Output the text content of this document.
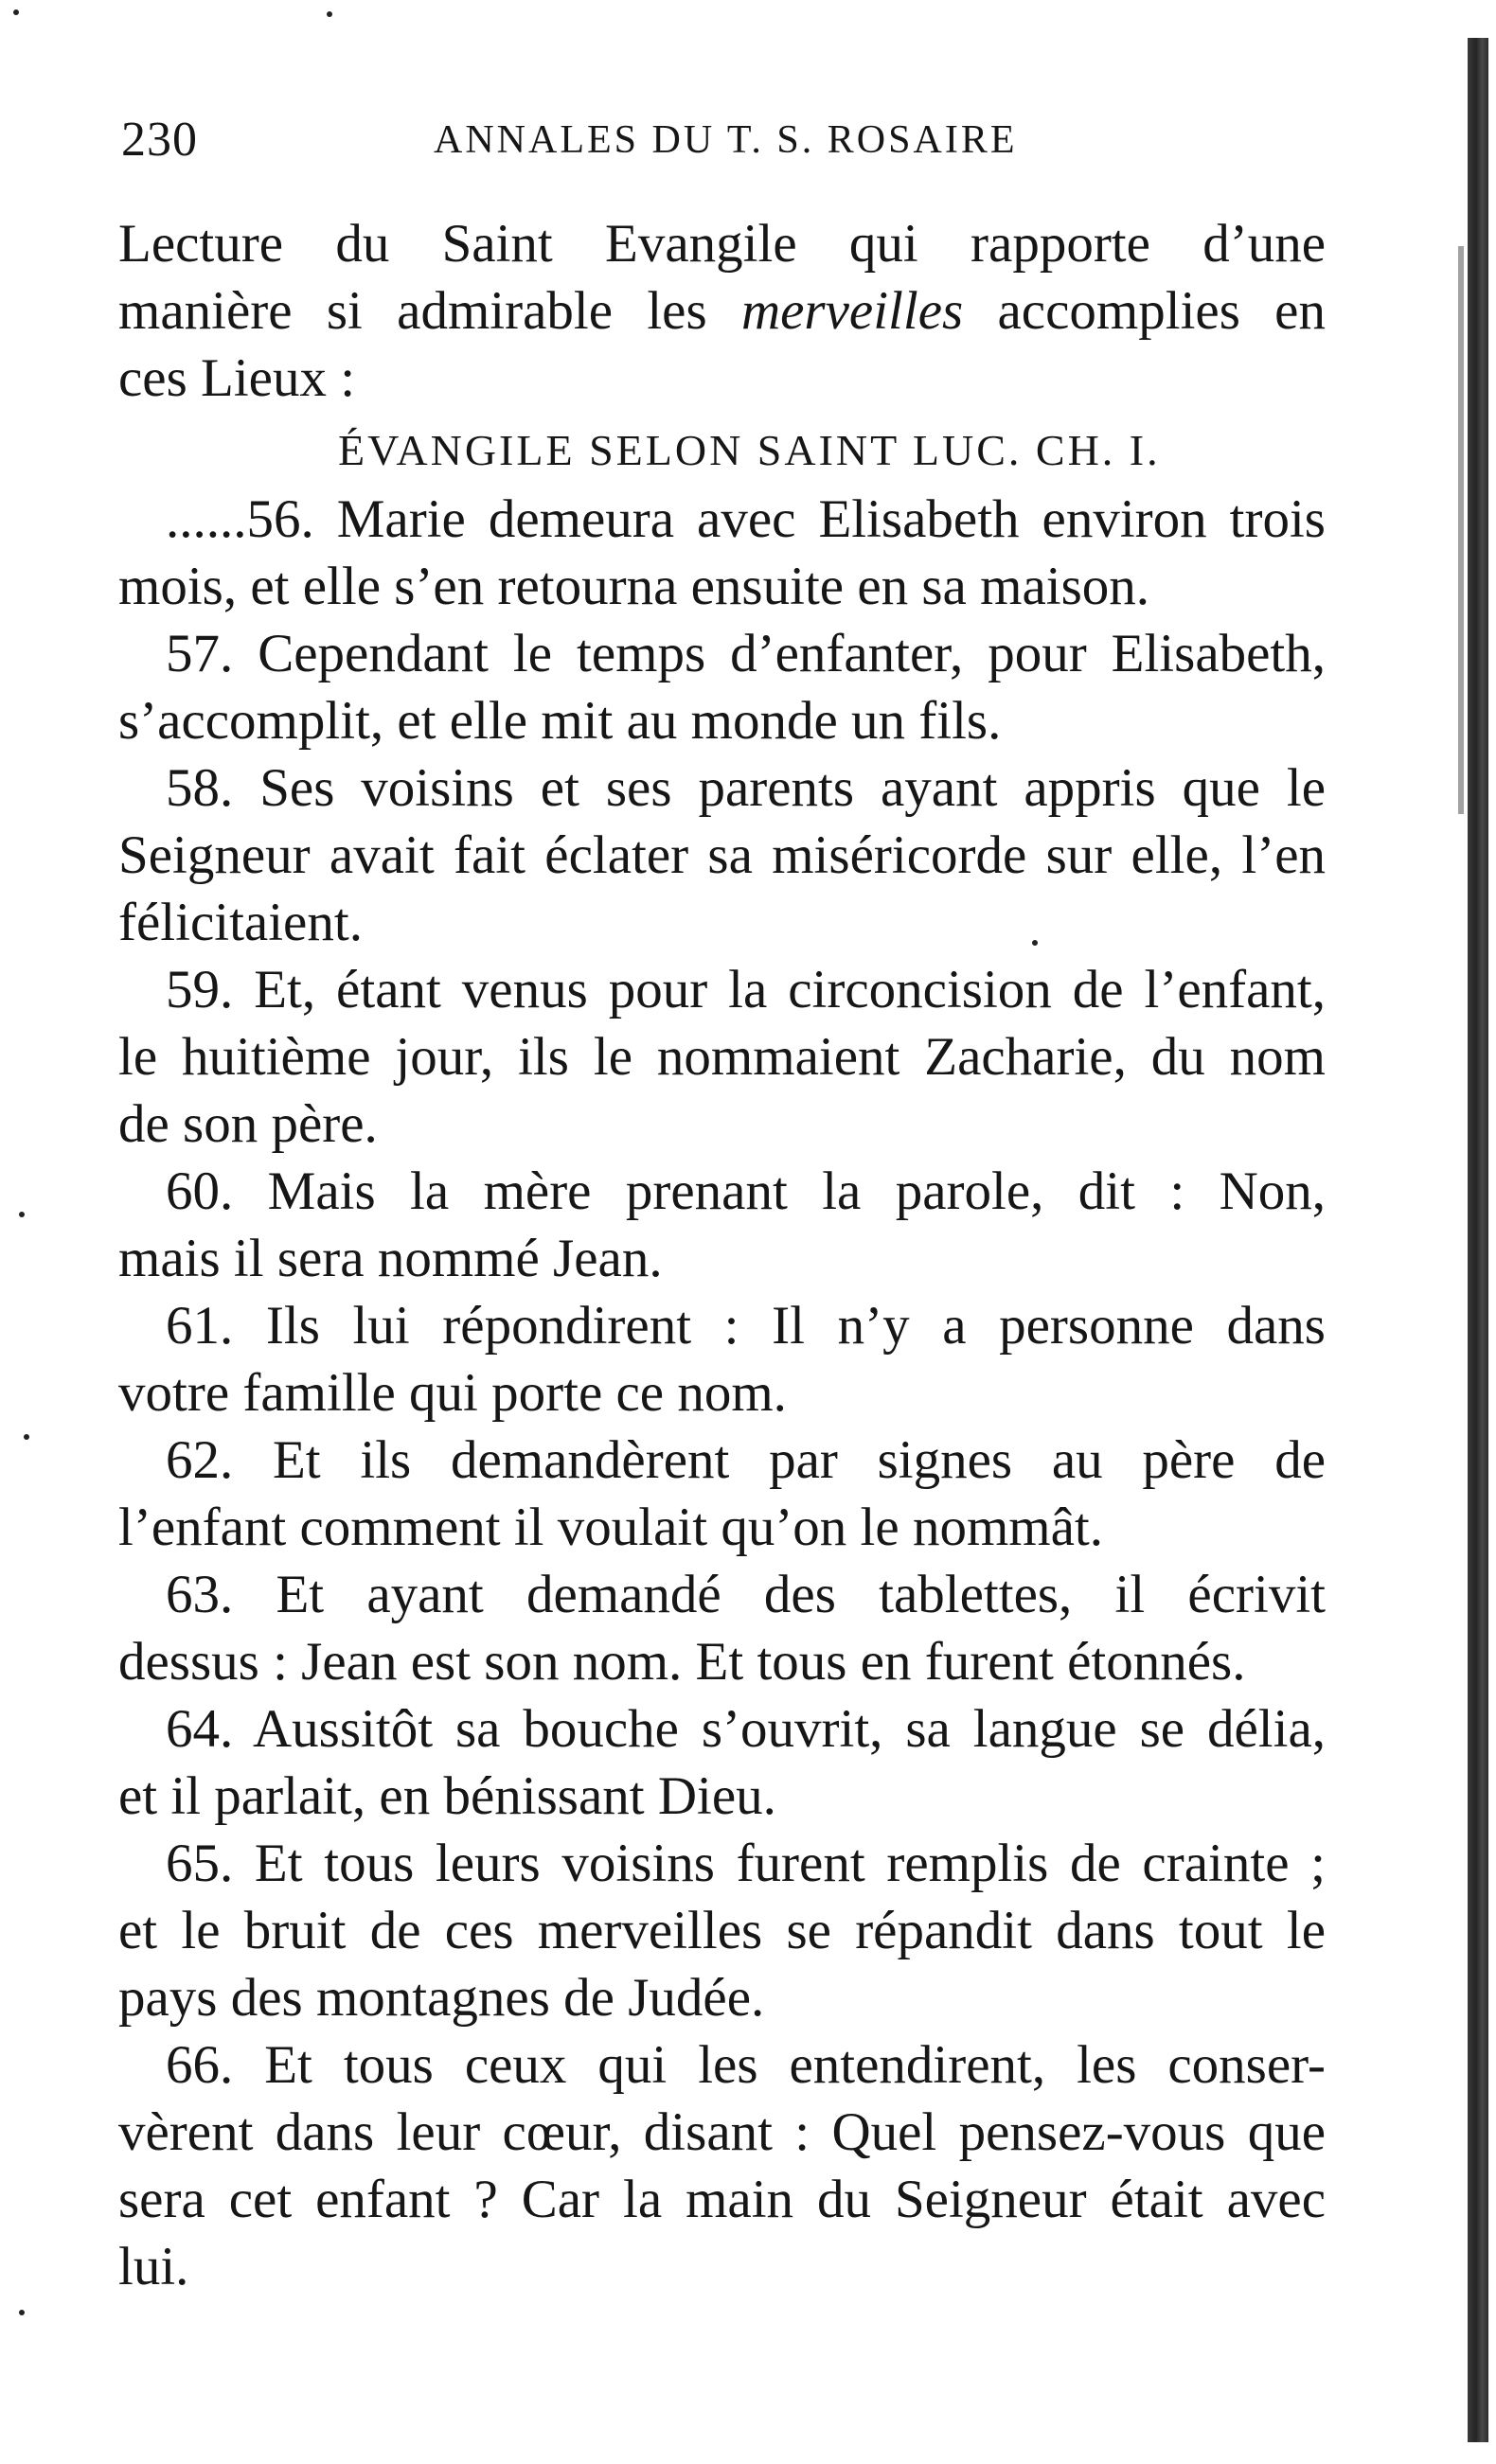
230	ANNALES DU T. S. ROSAIRE
Lecture du Saint Evangile qui rapporte d’une
manière si admirable les merveilles accomplies en
ces Lieux :
ÉVANGILE SELON SAINT LUC. CH. I.
......56. Marie demeura avec Elisabeth environ trois
mois, et elle s’en retourna ensuite en sa maison.
57. Cependant le temps d’enfanter, pour Elisabeth,
s’accomplit, et elle mit au monde un fils.
58. Ses voisins et ses parents ayant appris que le
Seigneur avait fait éclater sa miséricorde sur elle, l’en
félicitaient.
59. Et, étant venus pour la circoncision de l’enfant,
le huitième jour, ils le nommaient Zacharie, du nom
de son père.
60. Mais la mère prenant la parole, dit : Non,
mais il sera nommé Jean.
61. Ils lui répondirent : Il n’y a personne dans
votre famille qui porte ce nom.
62. Et ils demandèrent par signes au père de
l’enfant comment il voulait qu’on le nommât.
63. Et ayant demandé des tablettes, il écrivit
dessus : Jean est son nom. Et tous en furent étonnés.
64. Aussitôt sa bouche s’ouvrit, sa langue se délia,
et il parlait, en bénissant Dieu.
65. Et tous leurs voisins furent remplis de crainte ;
et le bruit de ces merveilles se répandit dans tout le
pays des montagnes de Judée.
66. Et tous ceux qui les entendirent, les conser-
vèrent dans leur cœur, disant : Quel pensez-vous que
sera cet enfant ? Car la main du Seigneur était avec
lui.
